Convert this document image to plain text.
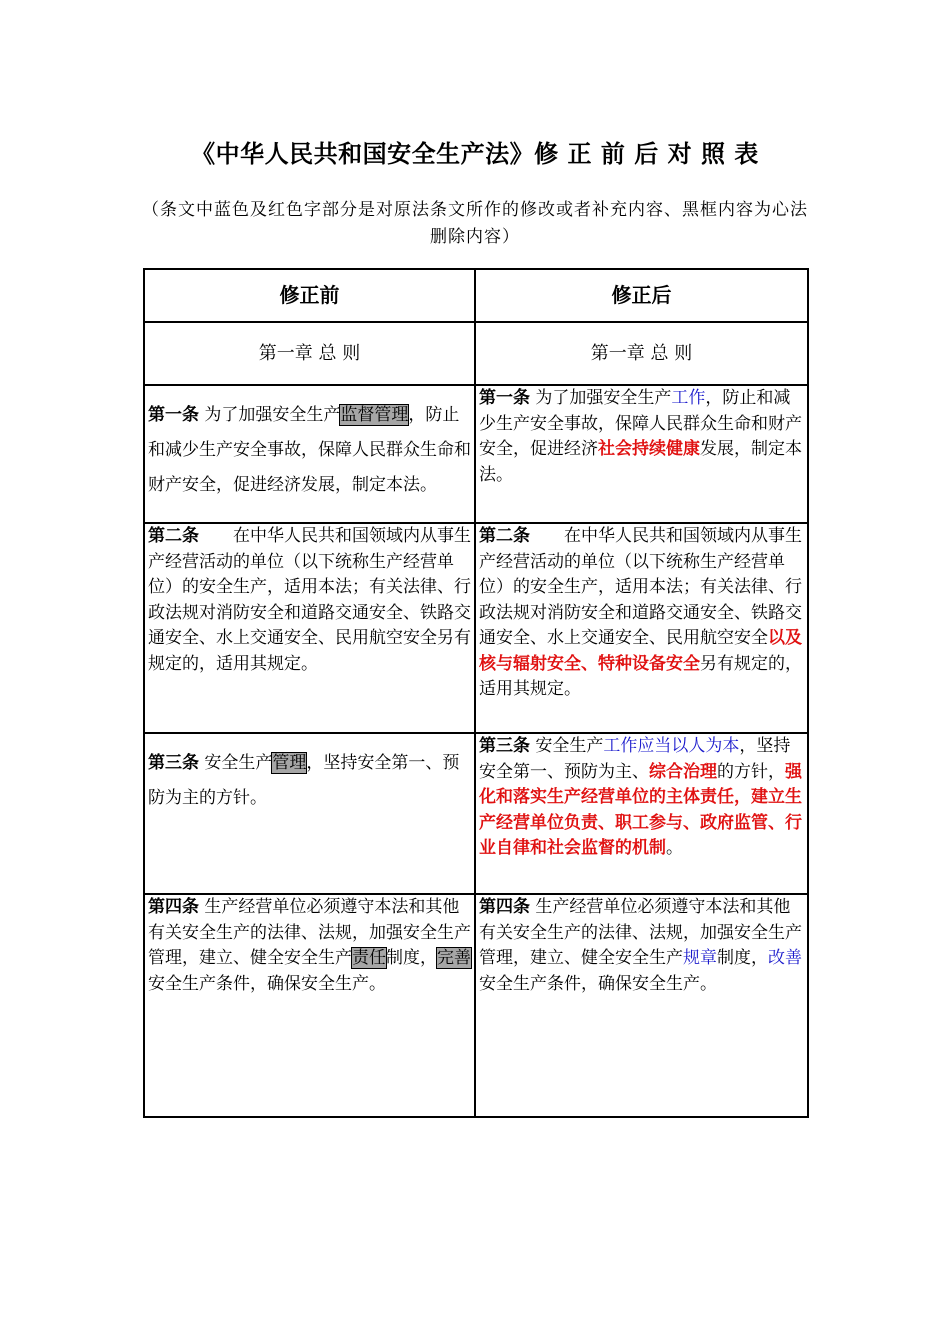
《中华人民共和国安全生产法》修 正 前 后 对 照 表
（条文中蓝色及红色字部分是对原法条文所作的修改或者补充内容、黑框内容为心法删除内容）
修正前	修正后
第一章 总 则	第一章 总 则

第一条 为了加强安全生产监督管理，防止和减少生产安全事故，保障人民群众生命和财产安全，促进经济发展，制定本法。	第一条 为了加强安全生产工作，防止和减少生产安全事故，保障人民群众生命和财产安全，促进经济社会持续健康发展，制定本法。

第二条　　在中华人民共和国领域内从事生产经营活动的单位（以下统称生产经营单位）的安全生产，适用本法；有关法律、行政法规对消防安全和道路交通安全、铁路交通安全、水上交通安全、民用航空安全另有规定的，适用其规定。	第二条　　在中华人民共和国领域内从事生产经营活动的单位（以下统称生产经营单位）的安全生产，适用本法；有关法律、行政法规对消防安全和道路交通安全、铁路交通安全、水上交通安全、民用航空安全以及核与辐射安全、特种设备安全另有规定的，适用其规定。

第三条 安全生产管理，坚持安全第一、预防为主的方针。	第三条 安全生产工作应当以人为本，坚持安全第一、预防为主、综合治理的方针，强化和落实生产经营单位的主体责任，建立生产经营单位负责、职工参与、政府监管、行业自律和社会监督的机制。

第四条 生产经营单位必须遵守本法和其他有关安全生产的法律、法规，加强安全生产管理，建立、健全安全生产责任制度，完善安全生产条件，确保安全生产。	第四条 生产经营单位必须遵守本法和其他有关安全生产的法律、法规，加强安全生产管理，建立、健全安全生产规章制度，改善安全生产条件，确保安全生产。
